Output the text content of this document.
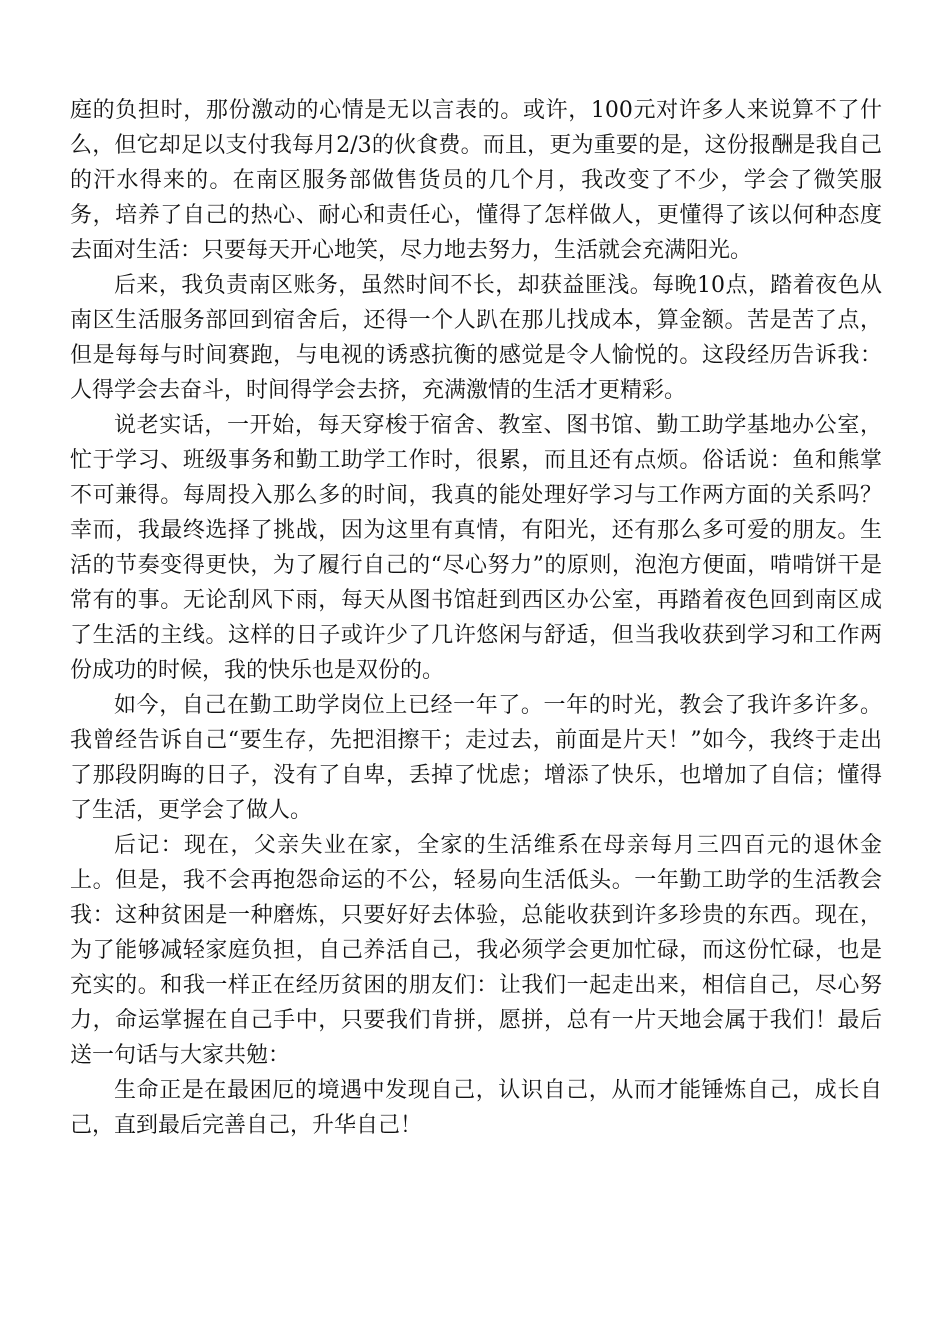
庭的负担时，那份激动的心情是无以言表的。或许，100元对许多人来说算不了什么，但它却足以支付我每月2/3的伙食费。而且，更为重要的是，这份报酬是我自己的汗水得来的。在南区服务部做售货员的几个月，我改变了不少，学会了微笑服务，培养了自己的热心、耐心和责任心，懂得了怎样做人，更懂得了该以何种态度去面对生活：只要每天开心地笑，尽力地去努力，生活就会充满阳光。

后来，我负责南区账务，虽然时间不长，却获益匪浅。每晚10点，踏着夜色从南区生活服务部回到宿舍后，还得一个人趴在那儿找成本，算金额。苦是苦了点，但是每每与时间赛跑，与电视的诱惑抗衡的感觉是令人愉悦的。这段经历告诉我：人得学会去奋斗，时间得学会去挤，充满激情的生活才更精彩。

说老实话，一开始，每天穿梭于宿舍、教室、图书馆、勤工助学基地办公室，忙于学习、班级事务和勤工助学工作时，很累，而且还有点烦。俗话说：鱼和熊掌不可兼得。每周投入那么多的时间，我真的能处理好学习与工作两方面的关系吗？幸而，我最终选择了挑战，因为这里有真情，有阳光，还有那么多可爱的朋友。生活的节奏变得更快，为了履行自己的“尽心努力”的原则，泡泡方便面，啃啃饼干是常有的事。无论刮风下雨，每天从图书馆赶到西区办公室，再踏着夜色回到南区成了生活的主线。这样的日子或许少了几许悠闲与舒适，但当我收获到学习和工作两份成功的时候，我的快乐也是双份的。

如今，自己在勤工助学岗位上已经一年了。一年的时光，教会了我许多许多。我曾经告诉自己“要生存，先把泪擦干；走过去，前面是片天！”如今，我终于走出了那段阴晦的日子，没有了自卑，丢掉了忧虑；增添了快乐，也增加了自信；懂得了生活，更学会了做人。

后记：现在，父亲失业在家，全家的生活维系在母亲每月三四百元的退休金上。但是，我不会再抱怨命运的不公，轻易向生活低头。一年勤工助学的生活教会我：这种贫困是一种磨炼，只要好好去体验，总能收获到许多珍贵的东西。现在，为了能够减轻家庭负担，自己养活自己，我必须学会更加忙碌，而这份忙碌，也是充实的。和我一样正在经历贫困的朋友们：让我们一起走出来，相信自己，尽心努力，命运掌握在自己手中，只要我们肯拼，愿拼，总有一片天地会属于我们！最后送一句话与大家共勉：

生命正是在最困厄的境遇中发现自己，认识自己，从而才能锤炼自己，成长自己，直到最后完善自己，升华自己！
